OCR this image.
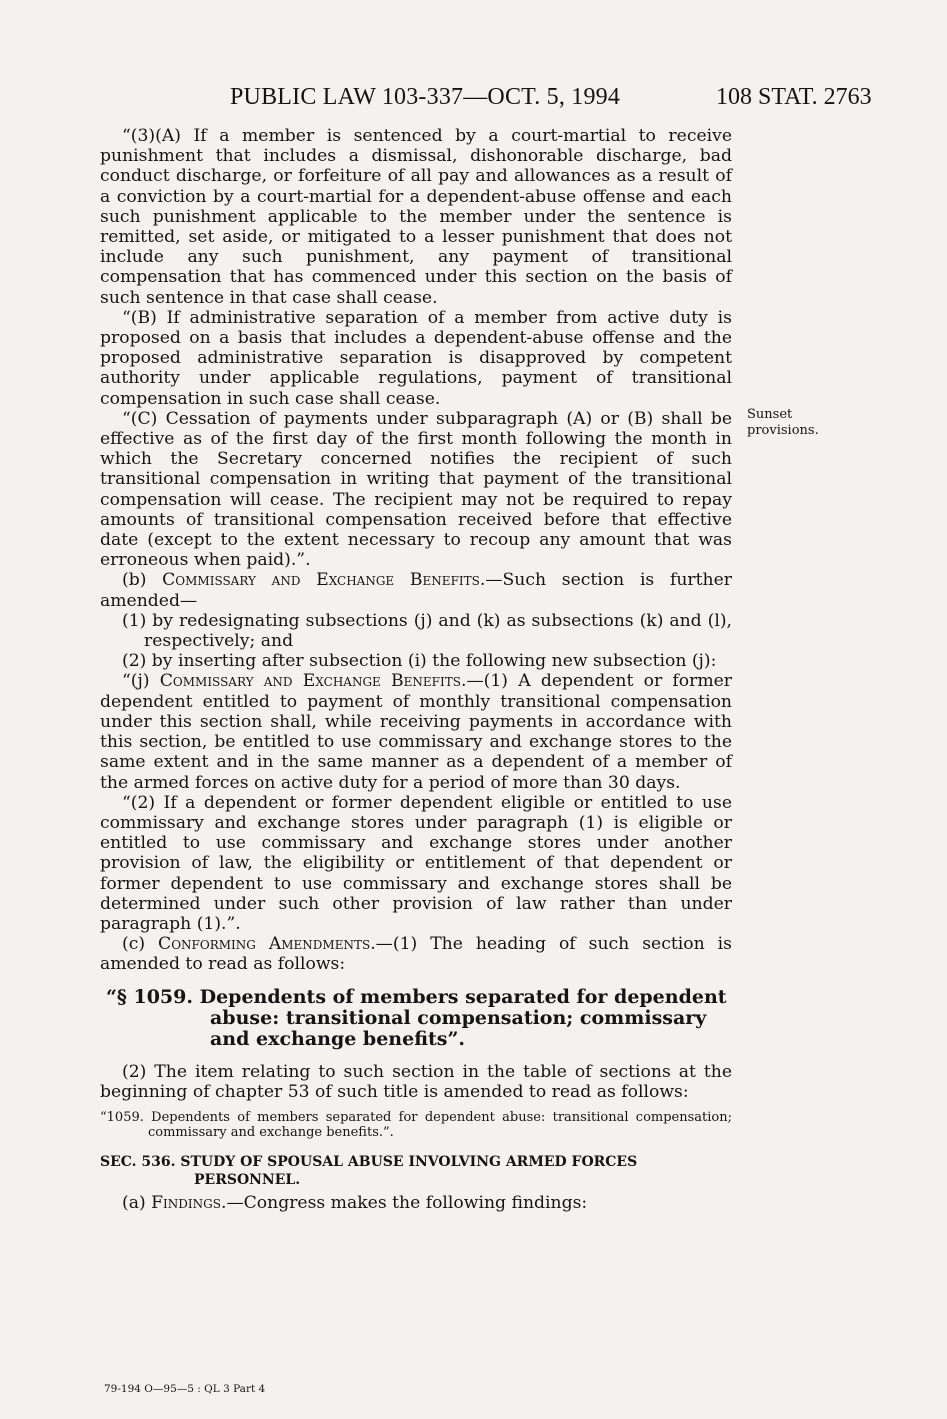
PUBLIC LAW 103-337—OCT. 5, 1994	108 STAT. 2763
Sunset provisions.

“(3)(A) If a member is sentenced by a court-martial to receive punishment that includes a dismissal, dishonorable discharge, bad conduct discharge, or forfeiture of all pay and allowances as a result of a conviction by a court-martial for a dependent-abuse offense and each such punishment applicable to the member under the sentence is remitted, set aside, or mitigated to a lesser punishment that does not include any such punishment, any payment of transitional compensation that has commenced under this section on the basis of such sentence in that case shall cease.

“(B) If administrative separation of a member from active duty is proposed on a basis that includes a dependent-abuse offense and the proposed administrative separation is disapproved by competent authority under applicable regulations, payment of transitional compensation in such case shall cease.

“(C) Cessation of payments under subparagraph (A) or (B) shall be effective as of the first day of the first month following the month in which the Secretary concerned notifies the recipient of such transitional compensation in writing that payment of the transitional compensation will cease. The recipient may not be required to repay amounts of transitional compensation received before that effective date (except to the extent necessary to recoup any amount that was erroneous when paid).”.

(b) Commissary and Exchange Benefits.—Such section is further amended—

(1) by redesignating subsections (j) and (k) as subsections (k) and (l), respectively; and

(2) by inserting after subsection (i) the following new subsection (j):

“(j) Commissary and Exchange Benefits.—(1) A dependent or former dependent entitled to payment of monthly transitional compensation under this section shall, while receiving payments in accordance with this section, be entitled to use commissary and exchange stores to the same extent and in the same manner as a dependent of a member of the armed forces on active duty for a period of more than 30 days.

“(2) If a dependent or former dependent eligible or entitled to use commissary and exchange stores under paragraph (1) is eligible or entitled to use commissary and exchange stores under another provision of law, the eligibility or entitlement of that dependent or former dependent to use commissary and exchange stores shall be determined under such other provision of law rather than under paragraph (1).”.

(c) Conforming Amendments.—(1) The heading of such section is amended to read as follows:

“§ 1059. Dependents of members separated for dependent abuse: transitional compensation; commissary and exchange benefits”.

(2) The item relating to such section in the table of sections at the beginning of chapter 53 of such title is amended to read as follows:

“1059. Dependents of members separated for dependent abuse: transitional compensation; commissary and exchange benefits.”.

SEC. 536. STUDY OF SPOUSAL ABUSE INVOLVING ARMED FORCES PERSONNEL.

(a) Findings.—Congress makes the following findings:

79-194 O—95—5 : QL 3 Part 4
